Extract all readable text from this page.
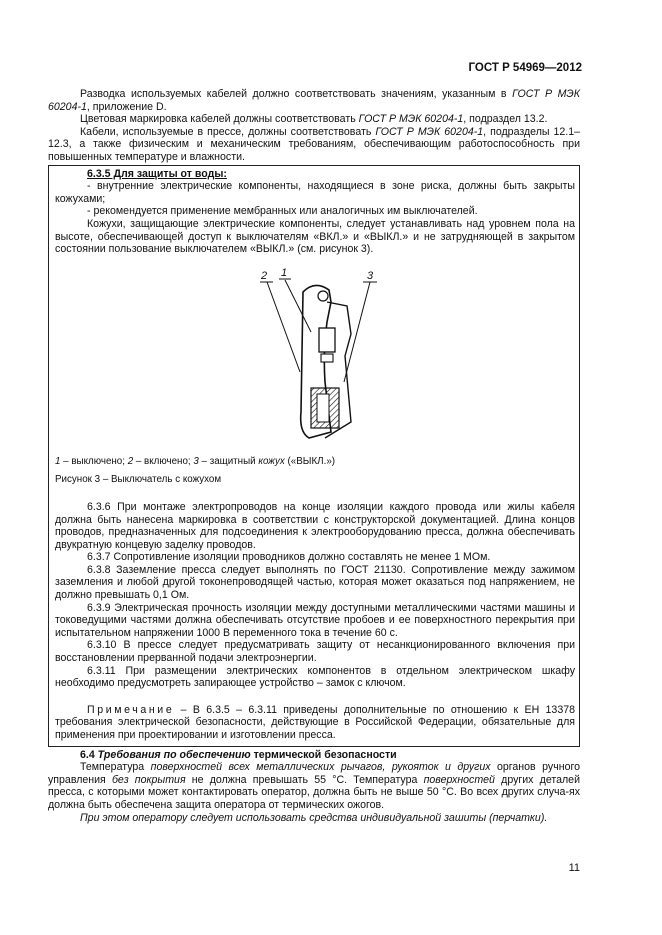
ГОСТ Р 54969—2012

Разводка используемых кабелей должно соответствовать значениям, указанным в ГОСТ Р МЭК 60204-1, приложение D.

Цветовая маркировка кабелей должны соответствовать ГОСТ Р МЭК 60204-1, подраздел 13.2.

Кабели, используемые в прессе, должны соответствовать ГОСТ Р МЭК 60204-1, подразделы 12.1–12.3, а также физическим и механическим требованиям, обеспечивающим работоспособность при повышенных температуре и влажности.

6.3.5 Для защиты от воды:

- внутренние электрические компоненты, находящиеся в зоне риска, должны быть закрыты кожухами;

- рекомендуется применение мембранных или аналогичных им выключателей.

Кожухи, защищающие электрические компоненты, следует устанавливать над уровнем пола на высоте, обеспечивающей доступ к выключателям «ВКЛ.» и «ВЫКЛ.» и не затрудняющей в закрытом состоянии пользование выключателем «ВЫКЛ.» (см. рисунок 3).

2 1	3

1 – выключено; 2 – включено; 3 – защитный кожух («ВЫКЛ.»)

Рисунок 3 – Выключатель с кожухом

6.3.6 При монтаже электропроводов на конце изоляции каждого провода или жилы кабеля должна быть нанесена маркировка в соответствии с конструкторской документацией. Длина концов проводов, предназначенных для подсоединения к электрооборудованию пресса, должна обеспечивать двукратную концевую заделку проводов.

6.3.7 Сопротивление изоляции проводников должно составлять не менее 1 МОм.

6.3.8 Заземление пресса следует выполнять по ГОСТ 21130. Сопротивление между зажимом заземления и любой другой токонепроводящей частью, которая может оказаться под напряжением, не должно превышать 0,1 Ом.

6.3.9 Электрическая прочность изоляции между доступными металлическими частями машины и токоведущими частями должна обеспечивать отсутствие пробоев и ее поверхностного перекрытия при испытательном напряжении 1000 В переменного тока в течение 60 с.

6.3.10 В прессе следует предусматривать защиту от несанкционированного включения при восстановлении прерванной подачи электроэнергии.

6.3.11 При размещении электрических компонентов в отдельном электрическом шкафу необходимо предусмотреть запирающее устройство – замок с ключом.

Примечание – В 6.3.5 – 6.3.11 приведены дополнительные по отношению к ЕН 13378 требования электрической безопасности, действующие в Российской Федерации, обязательные для применения при проектировании и изготовлении пресса.

6.4 Требования по обеспечению термической безопасности

Температура поверхностей всех металлических рычагов, рукояток и других органов ручного управления без покрытия не должна превышать 55 °С. Температура поверхностей других деталей пресса, с которыми может контактировать оператор, должна быть не выше 50 °С. Во всех других случа-ях должна быть обеспечена защита оператора от термических ожогов.

При этом оператору следует использовать средства индивидуальной зашиты (перчатки).

11
